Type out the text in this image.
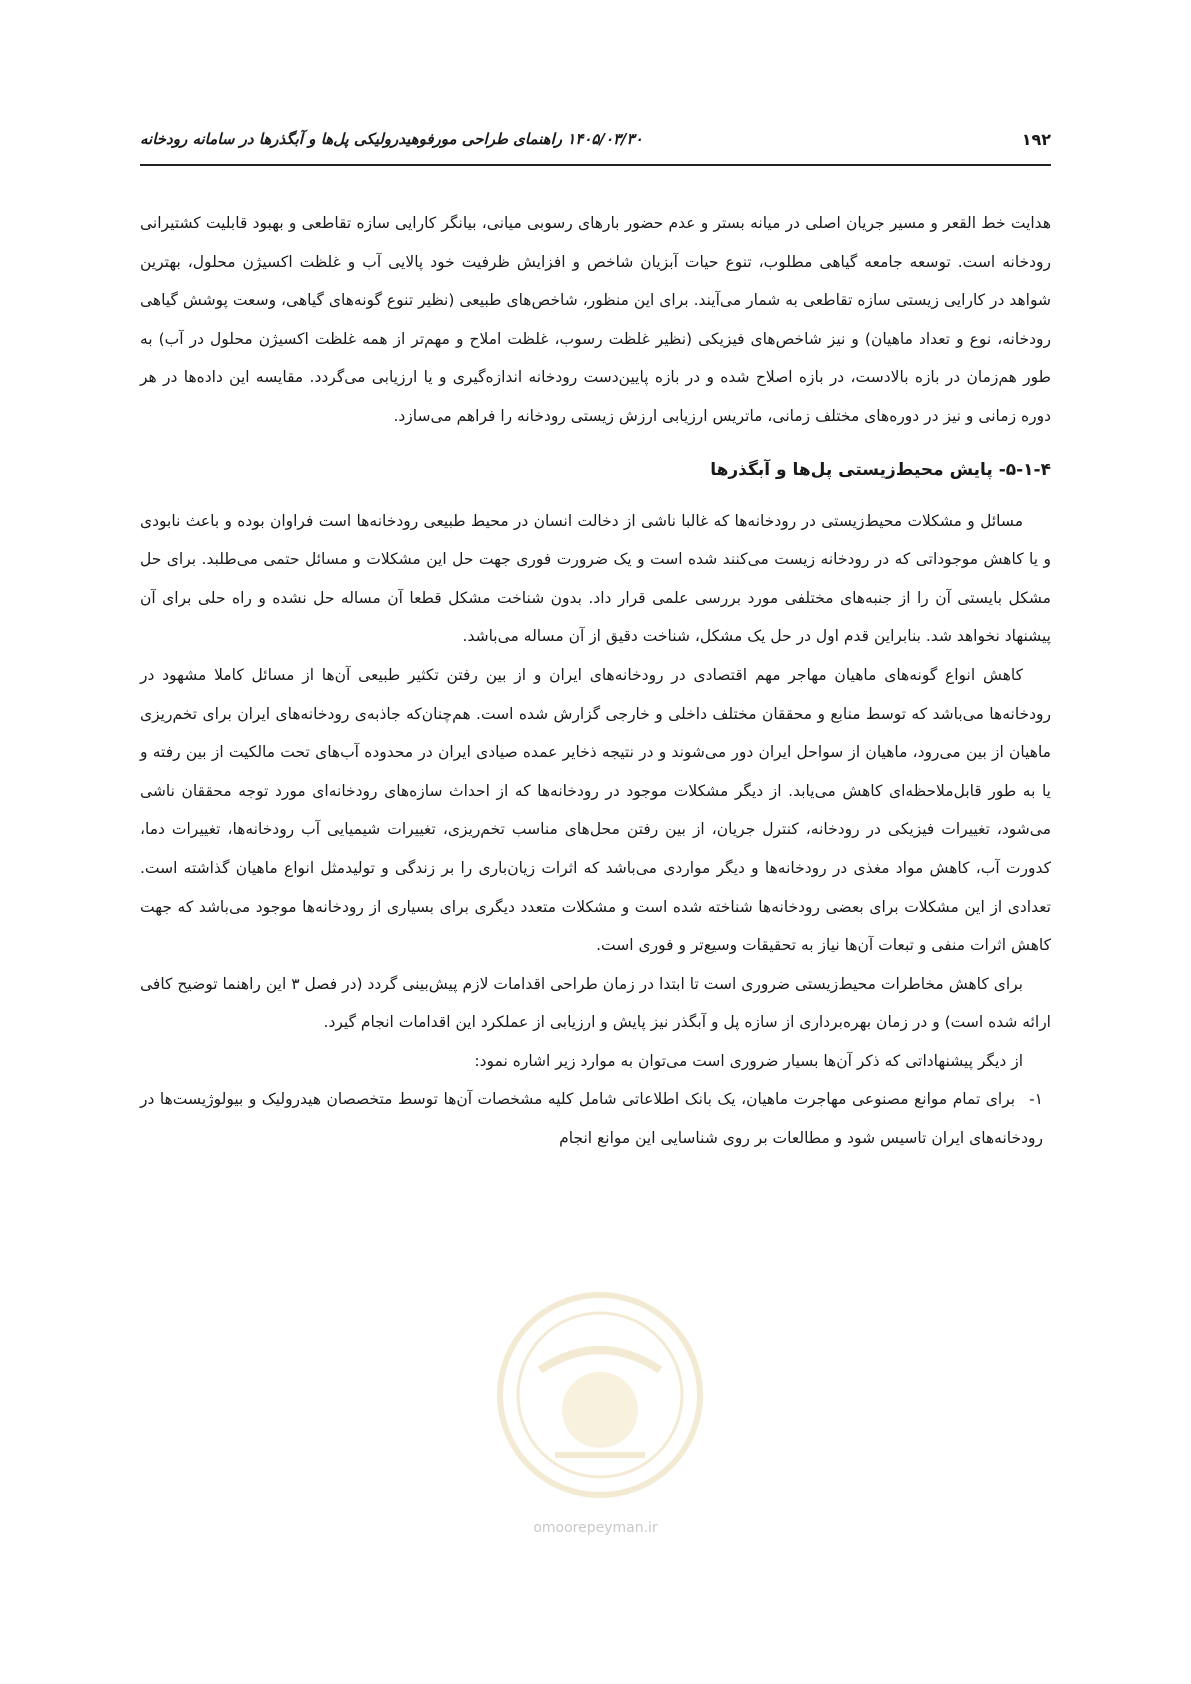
۱۹۲
۱۴۰۵/۰۳/۳۰ راهنمای طراحی مورفوهیدرولیکی پل‌ها و آبگذرها در سامانه رودخانه

هدایت خط القعر و مسیر جریان اصلی در میانه بستر و عدم حضور بارهای رسوبی میانی، بیانگر کارایی سازه تقاطعی و بهبود قابلیت کشتیرانی رودخانه است. توسعه جامعه گیاهی مطلوب، تنوع حیات آبزیان شاخص و افزایش ظرفیت خود پالایی آب و غلظت اکسیژن محلول، بهترین شواهد در کارایی زیستی سازه تقاطعی به شمار می‌آیند. برای این منظور، شاخص‌های طبیعی (نظیر تنوع گونه‌های گیاهی، وسعت پوشش گیاهی رودخانه، نوع و تعداد ماهیان) و نیز شاخص‌های فیزیکی (نظیر غلظت رسوب، غلظت املاح و مهم‌تر از همه غلظت اکسیژن محلول در آب) به طور هم‌زمان در بازه بالادست، در بازه اصلاح شده و در بازه پایین‌دست رودخانه اندازه‌گیری و یا ارزیابی می‌گردد. مقایسه این داده‌ها در هر دوره زمانی و نیز در دوره‌های مختلف زمانی، ماتریس ارزیابی ارزش زیستی رودخانه را فراهم می‌سازد.

۵-۱-۴- پایش محیط‌زیستی پل‌ها و آبگذرها

مسائل و مشکلات محیط‌زیستی در رودخانه‌ها که غالبا ناشی از دخالت انسان در محیط طبیعی رودخانه‌ها است فراوان بوده و باعث نابودی و یا کاهش موجوداتی که در رودخانه زیست می‌کنند شده است و یک ضرورت فوری جهت حل این مشکلات و مسائل حتمی می‌طلبد. برای حل مشکل بایستی آن را از جنبه‌های مختلفی مورد بررسی علمی قرار داد. بدون شناخت مشکل قطعا آن مساله حل نشده و راه حلی برای آن پیشنهاد نخواهد شد. بنابراین قدم اول در حل یک مشکل، شناخت دقیق از آن مساله می‌باشد.

کاهش انواع گونه‌های ماهیان مهاجر مهم اقتصادی در رودخانه‌های ایران و از بین رفتن تکثیر طبیعی آن‌ها از مسائل کاملا مشهود در رودخانه‌ها می‌باشد که توسط منابع و محققان مختلف داخلی و خارجی گزارش شده است. هم‌چنان‌که جاذبه‌ی رودخانه‌های ایران برای تخم‌ریزی ماهیان از بین می‌رود، ماهیان از سواحل ایران دور می‌شوند و در نتیجه ذخایر عمده صیادی ایران در محدوده آب‌های تحت مالکیت از بین رفته و یا به طور قابل‌ملاحظه‌ای کاهش می‌یابد. از دیگر مشکلات موجود در رودخانه‌ها که از احداث سازه‌های رودخانه‌ای مورد توجه محققان ناشی می‌شود، تغییرات فیزیکی در رودخانه، کنترل جریان، از بین رفتن محل‌های مناسب تخم‌ریزی، تغییرات شیمیایی آب رودخانه‌ها، تغییرات دما، کدورت آب، کاهش مواد مغذی در رودخانه‌ها و دیگر مواردی می‌باشد که اثرات زیان‌باری را بر زندگی و تولیدمثل انواع ماهیان گذاشته است. تعدادی از این مشکلات برای بعضی رودخانه‌ها شناخته شده است و مشکلات متعدد دیگری برای بسیاری از رودخانه‌ها موجود می‌باشد که جهت کاهش اثرات منفی و تبعات آن‌ها نیاز به تحقیقات وسیع‌تر و فوری است.

برای کاهش مخاطرات محیط‌زیستی ضروری است تا ابتدا در زمان طراحی اقدامات لازم پیش‌بینی گردد (در فصل ۳ این راهنما توضیح کافی ارائه شده است) و در زمان بهره‌برداری از سازه پل و آبگذر نیز پایش و ارزیابی از عملکرد این اقدامات انجام گیرد.

از دیگر پیشنهاداتی که ذکر آن‌ها بسیار ضروری است می‌توان به موارد زیر اشاره نمود:

۱-برای تمام موانع مصنوعی مهاجرت ماهیان، یک بانک اطلاعاتی شامل کلیه مشخصات آن‌ها توسط متخصصان هیدرولیک و بیولوژیست‌ها در رودخانه‌های ایران تاسیس شود و مطالعات بر روی شناسایی این موانع انجام

omoorepeyman.ir
